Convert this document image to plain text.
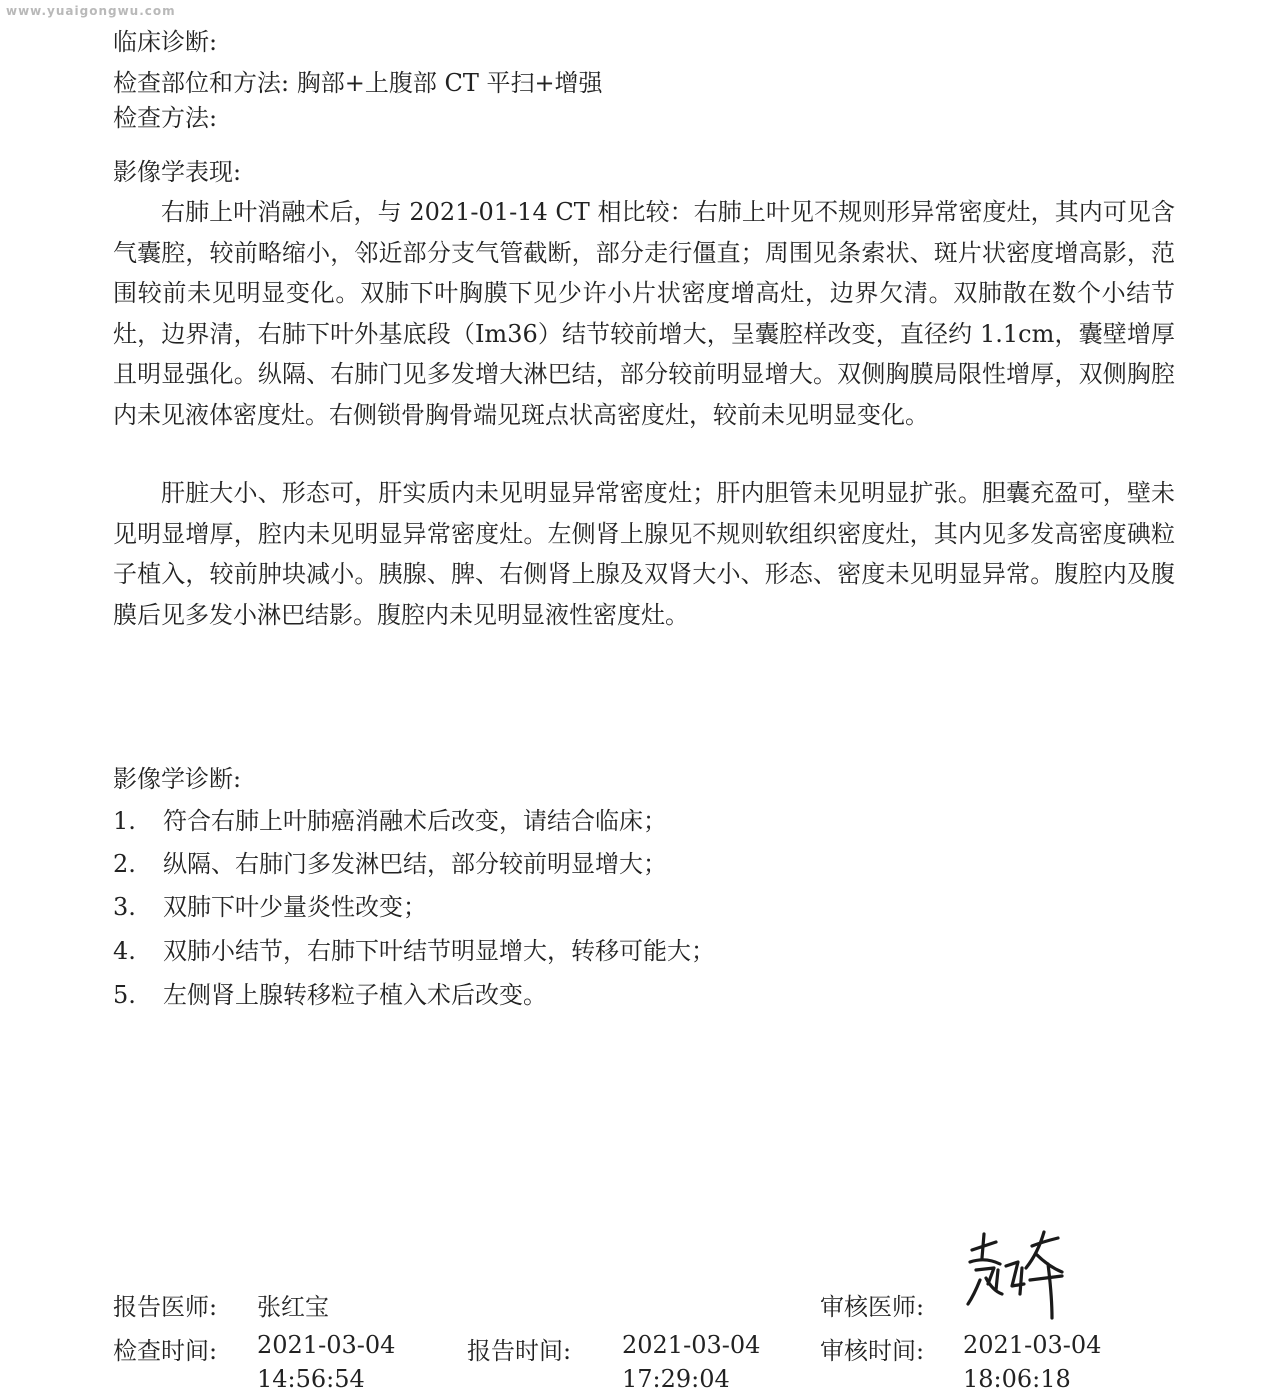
www.yuaigongwu.com
临床诊断:
检查部位和方法: 胸部+上腹部 CT 平扫+增强
检查方法:
影像学表现:
右肺上叶消融术后，与 2021-01-14 CT 相比较：右肺上叶见不规则形异常密度灶，其内可见含气囊腔，较前略缩小，邻近部分支气管截断，部分走行僵直；周围见条索状、斑片状密度增高影，范围较前未见明显变化。双肺下叶胸膜下见少许小片状密度增高灶，边界欠清。双肺散在数个小结节灶，边界清，右肺下叶外基底段（Im36）结节较前增大，呈囊腔样改变，直径约 1.1cm，囊壁增厚且明显强化。纵隔、右肺门见多发增大淋巴结，部分较前明显增大。双侧胸膜局限性增厚，双侧胸腔内未见液体密度灶。右侧锁骨胸骨端见斑点状高密度灶，较前未见明显变化。
肝脏大小、形态可，肝实质内未见明显异常密度灶；肝内胆管未见明显扩张。胆囊充盈可，壁未见明显增厚，腔内未见明显异常密度灶。左侧肾上腺见不规则软组织密度灶，其内见多发高密度碘粒子植入，较前肿块减小。胰腺、脾、右侧肾上腺及双肾大小、形态、密度未见明显异常。腹腔内及腹膜后见多发小淋巴结影。腹腔内未见明显液性密度灶。
影像学诊断:
1. 符合右肺上叶肺癌消融术后改变，请结合临床；
2. 纵隔、右肺门多发淋巴结，部分较前明显增大；
3. 双肺下叶少量炎性改变；
4. 双肺小结节，右肺下叶结节明显增大，转移可能大；
5. 左侧肾上腺转移粒子植入术后改变。
报告医师: 张红宝	审核医师:
检查时间: 2021-03-04
14:56:54
报告时间: 2021-03-04
17:29:04
审核时间: 2021-03-04
18:06:18
